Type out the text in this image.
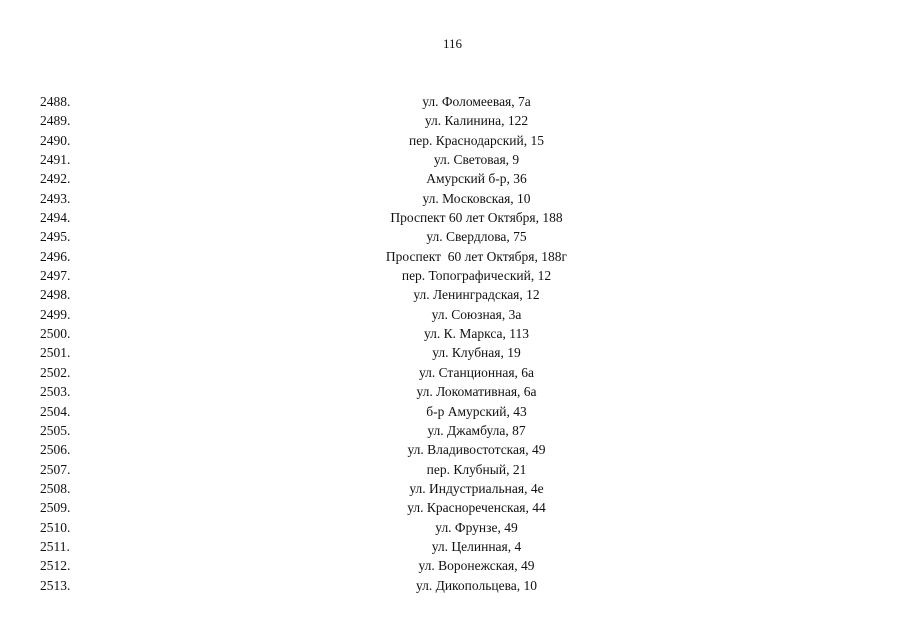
116
2488.	ул. Фоломеевая, 7а
2489.	ул. Калинина, 122
2490.	пер. Краснодарский, 15
2491.	ул. Световая, 9
2492.	Амурский б-р, 36
2493.	ул. Московская, 10
2494.	Проспект 60 лет Октября, 188
2495.	ул. Свердлова, 75
2496.	Проспект  60 лет Октября, 188г
2497.	пер. Топографический, 12
2498.	ул. Ленинградская, 12
2499.	ул. Союзная, 3а
2500.	ул. К. Маркса, 113
2501.	ул. Клубная, 19
2502.	ул. Станционная, 6а
2503.	ул. Локомативная, 6а
2504.	б-р Амурский, 43
2505.	ул. Джамбула, 87
2506.	ул. Владивостотская, 49
2507.	пер. Клубный, 21
2508.	ул. Индустриальная, 4е
2509.	ул. Краснореченская, 44
2510.	ул. Фрунзе, 49
2511.	ул. Целинная, 4
2512.	ул. Воронежская, 49
2513.	ул. Дикопольцева, 10
